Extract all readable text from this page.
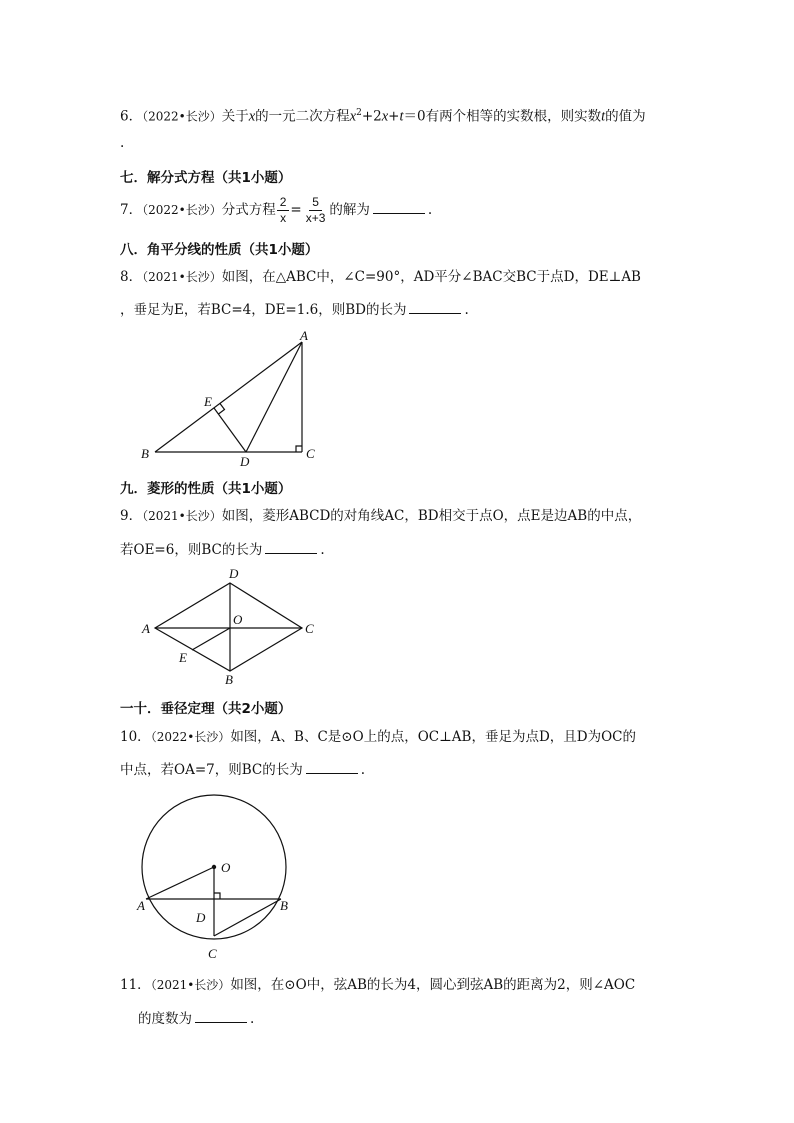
6．（2022•长沙）关于x的一元二次方程$x^2+2x+t=0$有两个相等的实数根，则实数t的值为
.
七．解分式方程（共1小题）
7．（2022•长沙）分式方程 $\frac{2}{x} = \frac{5}{x+3}$ 的解为	.
八．角平分线的性质（共1小题）
8．（2021•长沙）如图，在△ABC中，∠C=90°，AD平分∠BAC交BC于点D，DE⊥AB
，垂足为E，若BC=4，DE=1.6，则BD的长为	.
A
E
B
D
C
九．菱形的性质（共1小题）
9．（2021•长沙）如图，菱形ABCD的对角线AC，BD相交于点O，点E是边AB的中点，
若OE=6，则BC的长为	.
D
A
O
C
E
B
一十．垂径定理（共2小题）
10．（2022•长沙）如图，A、B、C是⊙O上的点，OC⊥AB，垂足为点D，且D为OC的
中点，若OA=7，则BC的长为	.
O
A	B
D
C
11．（2021•长沙）如图，在⊙O中，弦AB的长为4，圆心到弦AB的距离为2，则∠AOC
的度数为	.
